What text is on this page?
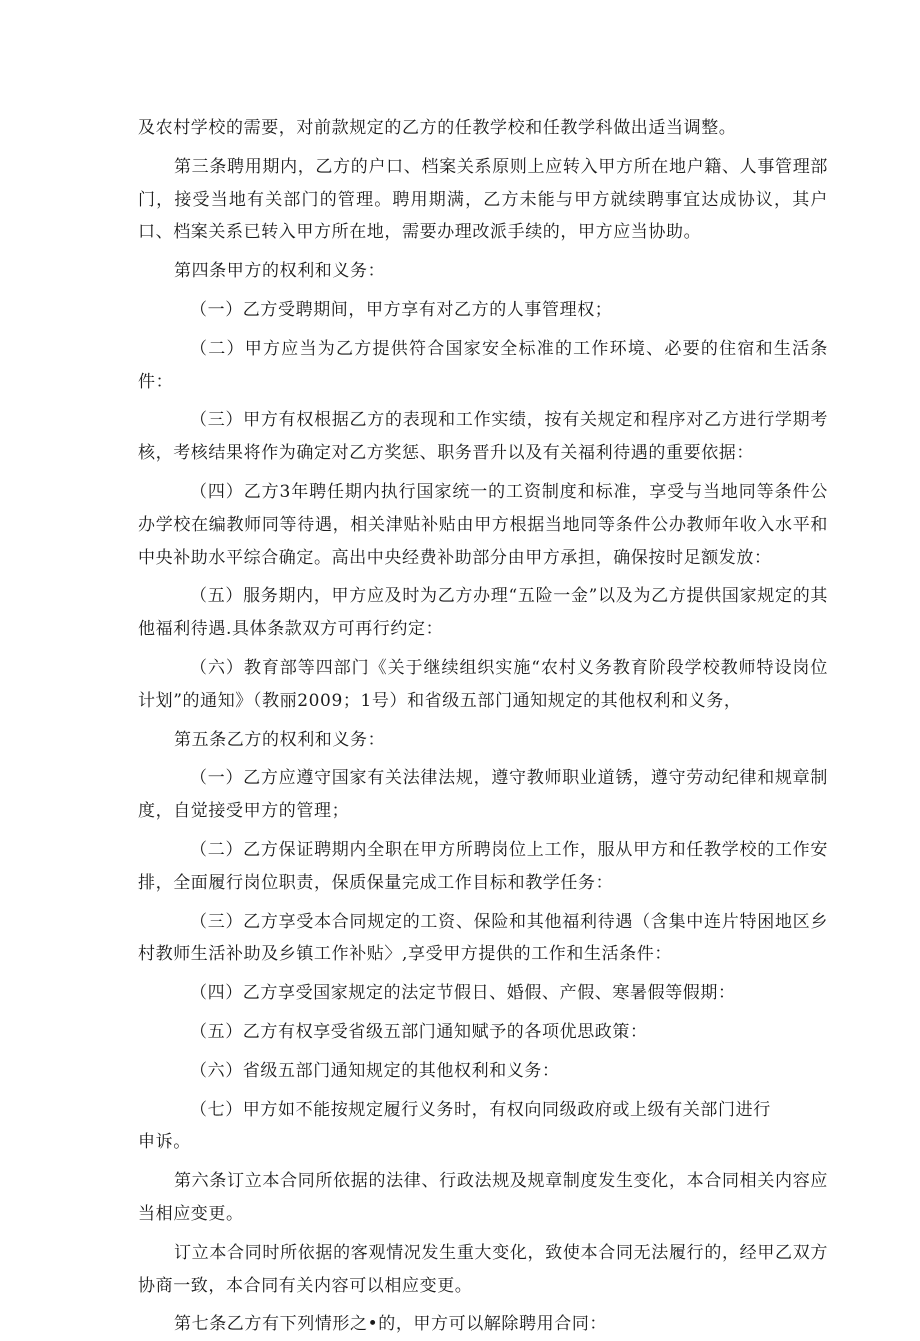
及农村学校的需要，对前款规定的乙方的任教学校和任教学科做出适当调整。

第三条聘用期内，乙方的户口、档案关系原则上应转入甲方所在地户籍、人事管理部门，接受当地有关部门的管理。聘用期满，乙方未能与甲方就续聘事宜达成协议，其户口、档案关系已转入甲方所在地，需要办理改派手续的，甲方应当协助。

第四条甲方的权利和义务：

（一）乙方受聘期间，甲方享有对乙方的人事管理权；

（二）甲方应当为乙方提供符合国家安全标准的工作环境、必要的住宿和生活条件：

（三）甲方有权根据乙方的表现和工作实绩，按有关规定和程序对乙方进行学期考核，考核结果将作为确定对乙方奖惩、职务晋升以及有关福利待遇的重要依据：

（四）乙方3年聘任期内执行国家统一的工资制度和标准，享受与当地同等条件公办学校在编教师同等待遇，相关津贴补贴由甲方根据当地同等条件公办教师年收入水平和中央补助水平综合确定。高出中央经费补助部分由甲方承担，确保按时足额发放：

（五）服务期内，甲方应及时为乙方办理“五险一金”以及为乙方提供国家规定的其他福利待遇.具体条款双方可再行约定：

（六）教育部等四部门《关于继续组织实施“农村义务教育阶段学校教师特设岗位计划”的通知》（教丽2009；1号）和省级五部门通知规定的其他权利和义务，

第五条乙方的权利和义务：

（一）乙方应遵守国家有关法律法规，遵守教师职业道锈，遵守劳动纪律和规章制度，自觉接受甲方的管理；

（二）乙方保证聘期内全职在甲方所聘岗位上工作，服从甲方和任教学校的工作安排，全面履行岗位职责，保质保量完成工作目标和教学任务：

（三）乙方享受本合同规定的工资、保险和其他福利待遇（含集中连片特困地区乡村教师生活补助及乡镇工作补贴〉,享受甲方提供的工作和生活条件：

（四）乙方享受国家规定的法定节假日、婚假、产假、寒暑假等假期：

（五）乙方有权享受省级五部门通知赋予的各项优思政策：

（六）省级五部门通知规定的其他权利和义务：

（七）甲方如不能按规定履行义务时，有权向同级政府或上级有关部门进行

申诉。

第六条订立本合同所依据的法律、行政法规及规章制度发生变化，本合同相关内容应当相应变更。

订立本合同时所依据的客观情况发生重大变化，致使本合同无法履行的，经甲乙双方协商一致，本合同有关内容可以相应变更。

第七条乙方有下列情形之•的，甲方可以解除聘用合同：
